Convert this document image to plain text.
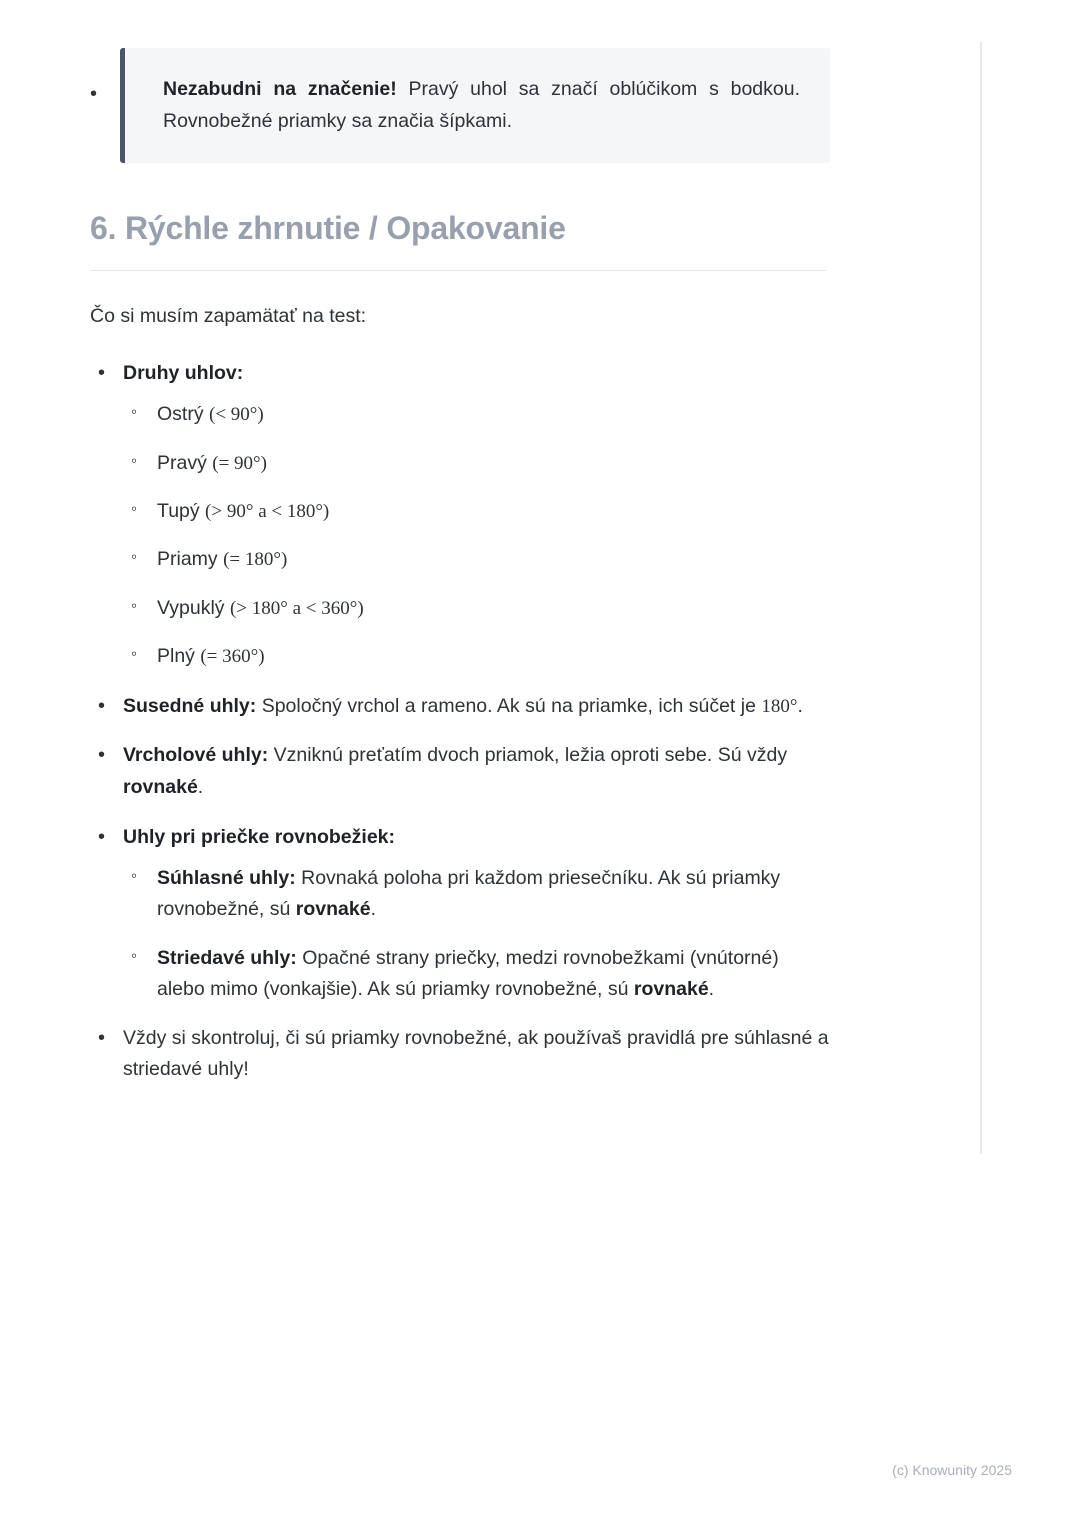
•	Nezabudni na značenie! Pravý uhol sa značí oblúčikom s bodkou. Rovnobežné priamky sa značia šípkami.

6. Rýchle zhrnutie / Opakovanie

Čo si musím zapamätať na test:

• Druhy uhlov:
◦ Ostrý (< 90°)
◦ Pravý (= 90°)
◦ Tupý (> 90° a < 180°)
◦ Priamy (= 180°)
◦ Vypuklý (> 180° a < 360°)
◦ Plný (= 360°)
• Susedné uhly: Spoločný vrchol a rameno. Ak sú na priamke, ich súčet je 180°.
• Vrcholové uhly: Vzniknú preťatím dvoch priamok, ležia oproti sebe. Sú vždy rovnaké.
• Uhly pri priečke rovnobežiek:
◦ Súhlasné uhly: Rovnaká poloha pri každom priesečníku. Ak sú priamky rovnobežné, sú rovnaké.
◦ Striedavé uhly: Opačné strany priečky, medzi rovnobežkami (vnútorné) alebo mimo (vonkajšie). Ak sú priamky rovnobežné, sú rovnaké.
• Vždy si skontroluj, či sú priamky rovnobežné, ak používaš pravidlá pre súhlasné a striedavé uhly!
(c) Knowunity 2025
